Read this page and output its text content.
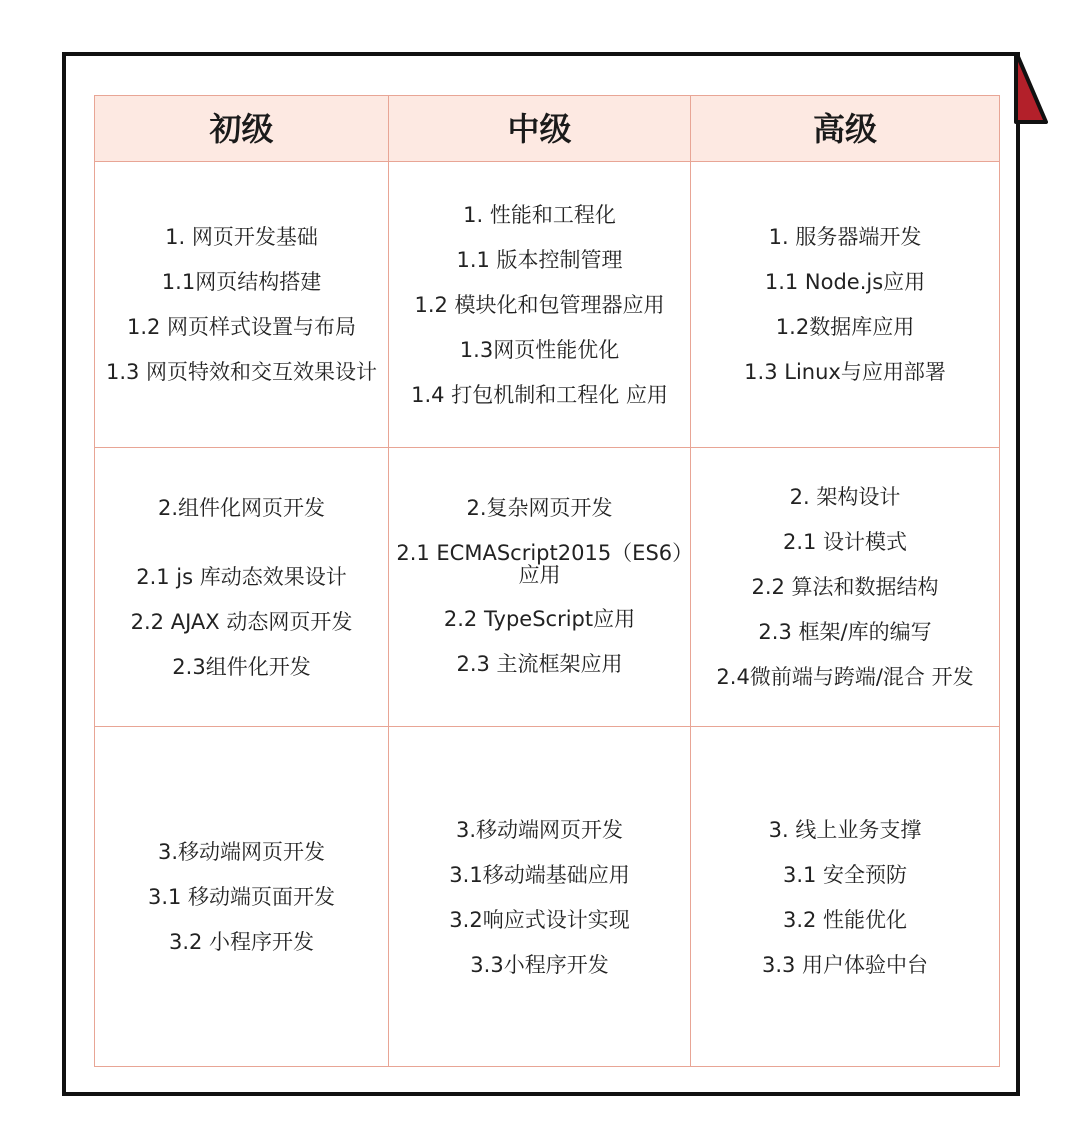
初级	中级	高级
1. 网页开发基础
1.1网页结构搭建
1.2 网页样式设置与布局
1.3 网页特效和交互效果设计
1. 性能和工程化
1.1 版本控制管理
1.2 模块化和包管理器应用
1.3网页性能优化
1.4 打包机制和工程化 应用
1. 服务器端开发
1.1 Node.js应用
1.2数据库应用
1.3 Linux与应用部署
2.组件化网页开发
2.1 js 库动态效果设计
2.2 AJAX 动态网页开发
2.3组件化开发
2.复杂网页开发
2.1 ECMAScript2015（ES6）应用
2.2 TypeScript应用
2.3 主流框架应用
2. 架构设计
2.1 设计模式
2.2 算法和数据结构
2.3 框架/库的编写
2.4微前端与跨端/混合 开发
3.移动端网页开发
3.1 移动端页面开发
3.2 小程序开发
3.移动端网页开发
3.1移动端基础应用
3.2响应式设计实现
3.3小程序开发
3. 线上业务支撑
3.1 安全预防
3.2 性能优化
3.3 用户体验中台
